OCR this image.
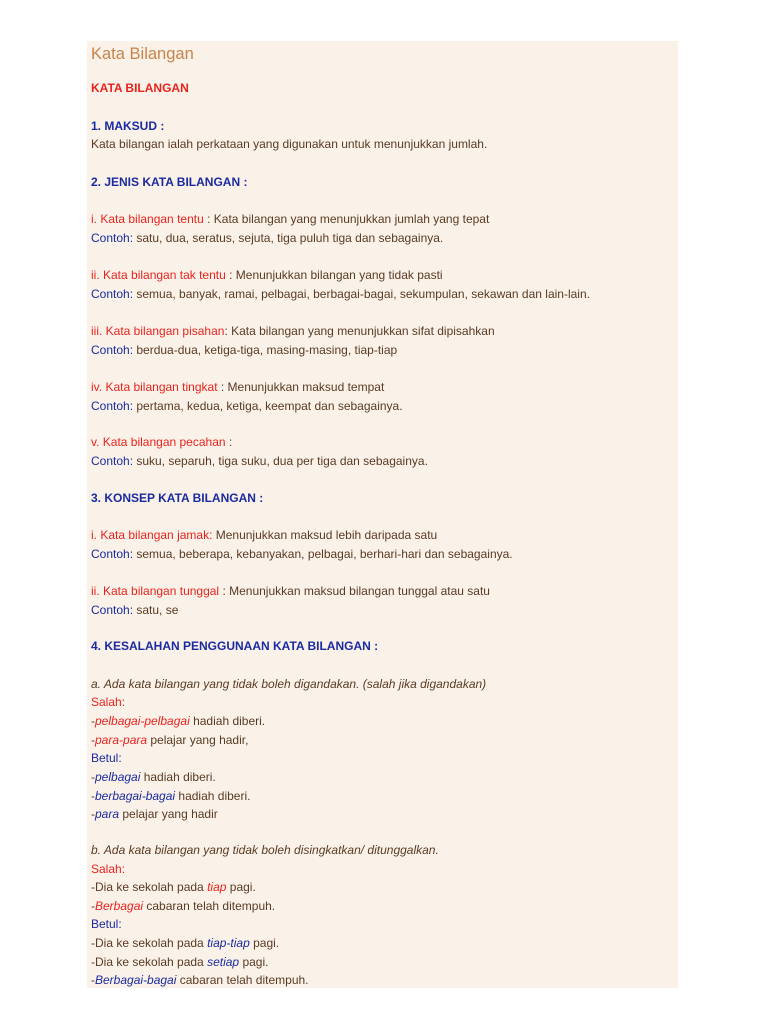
Kata Bilangan
KATA BILANGAN
1. MAKSUD :
Kata bilangan ialah perkataan yang digunakan untuk menunjukkan jumlah.
2. JENIS KATA BILANGAN :
i. Kata bilangan tentu : Kata bilangan yang menunjukkan jumlah yang tepat
Contoh: satu, dua, seratus, sejuta, tiga puluh tiga dan sebagainya.
ii. Kata bilangan tak tentu : Menunjukkan bilangan yang tidak pasti
Contoh: semua, banyak, ramai, pelbagai, berbagai-bagai, sekumpulan, sekawan dan lain-lain.
iii. Kata bilangan pisahan: Kata bilangan yang menunjukkan sifat dipisahkan
Contoh: berdua-dua, ketiga-tiga, masing-masing, tiap-tiap
iv. Kata bilangan tingkat : Menunjukkan maksud tempat
Contoh: pertama, kedua, ketiga, keempat dan sebagainya.
v. Kata bilangan pecahan :
Contoh: suku, separuh, tiga suku, dua per tiga dan sebagainya.
3. KONSEP KATA BILANGAN :
i. Kata bilangan jamak: Menunjukkan maksud lebih daripada satu
Contoh: semua, beberapa, kebanyakan, pelbagai, berhari-hari dan sebagainya.
ii. Kata bilangan tunggal : Menunjukkan maksud bilangan tunggal atau satu
Contoh: satu, se
4. KESALAHAN PENGGUNAAN KATA BILANGAN :
a. Ada kata bilangan yang tidak boleh digandakan. (salah jika digandakan)
Salah:
-pelbagai-pelbagai hadiah diberi.
-para-para pelajar yang hadir,
Betul:
-pelbagai hadiah diberi.
-berbagai-bagai hadiah diberi.
-para pelajar yang hadir
b. Ada kata bilangan yang tidak boleh disingkatkan/ ditunggalkan.
Salah:
-Dia ke sekolah pada tiap pagi.
-Berbagai cabaran telah ditempuh.
Betul:
-Dia ke sekolah pada tiap-tiap pagi.
-Dia ke sekolah pada setiap pagi.
-Berbagai-bagai cabaran telah ditempuh.
